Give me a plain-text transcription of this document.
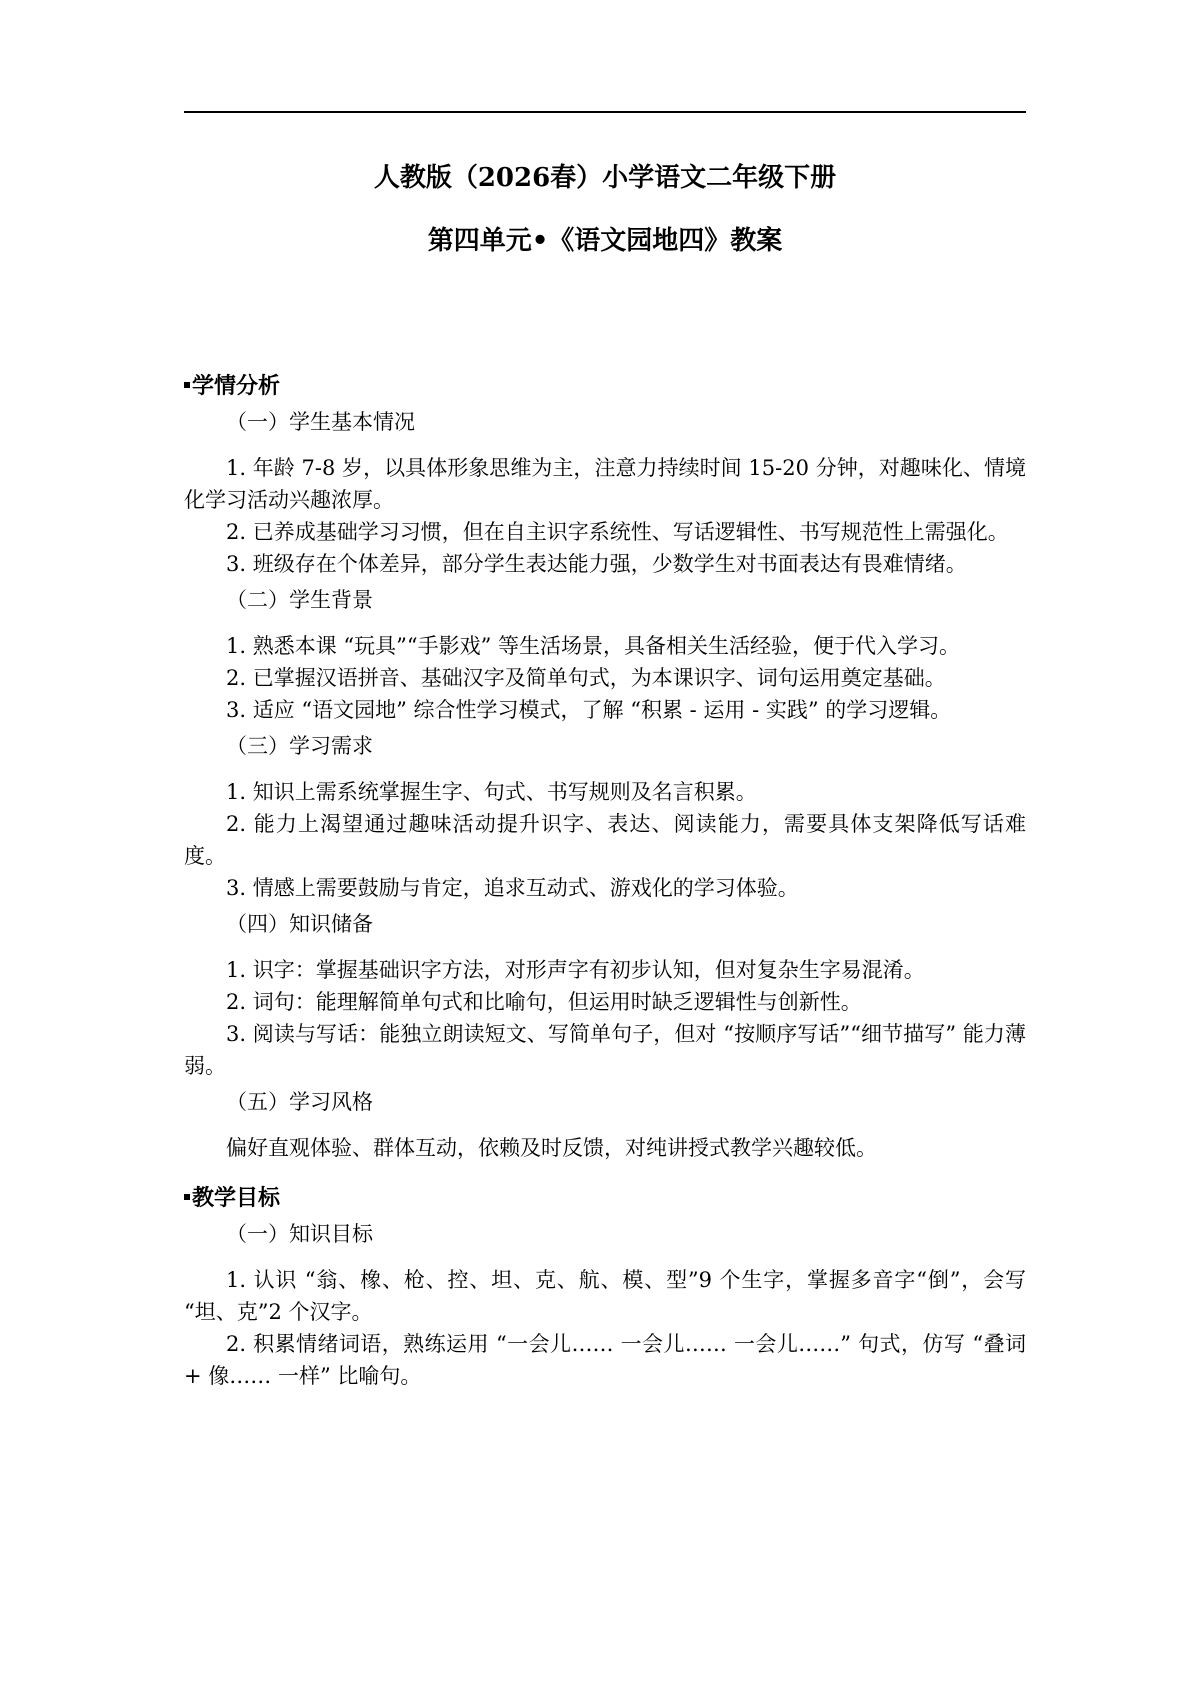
人教版（2026春）小学语文二年级下册
第四单元•《语文园地四》教案

学情分析

（一）学生基本情况

1. 年龄 7-8 岁，以具体形象思维为主，注意力持续时间 15-20 分钟，对趣味化、情境化学习活动兴趣浓厚。

2. 已养成基础学习习惯，但在自主识字系统性、写话逻辑性、书写规范性上需强化。

3. 班级存在个体差异，部分学生表达能力强，少数学生对书面表达有畏难情绪。

（二）学生背景

1. 熟悉本课 “玩具”“手影戏” 等生活场景，具备相关生活经验，便于代入学习。

2. 已掌握汉语拼音、基础汉字及简单句式，为本课识字、词句运用奠定基础。

3. 适应 “语文园地” 综合性学习模式，了解 “积累 - 运用 - 实践” 的学习逻辑。

（三）学习需求

1. 知识上需系统掌握生字、句式、书写规则及名言积累。

2. 能力上渴望通过趣味活动提升识字、表达、阅读能力，需要具体支架降低写话难度。

3. 情感上需要鼓励与肯定，追求互动式、游戏化的学习体验。

（四）知识储备

1. 识字：掌握基础识字方法，对形声字有初步认知，但对复杂生字易混淆。

2. 词句：能理解简单句式和比喻句，但运用时缺乏逻辑性与创新性。

3. 阅读与写话：能独立朗读短文、写简单句子，但对 “按顺序写话”“细节描写” 能力薄弱。

（五）学习风格

偏好直观体验、群体互动，依赖及时反馈，对纯讲授式教学兴趣较低。

教学目标

（一）知识目标

1. 认识 “翁、橡、枪、控、坦、克、航、模、型”9 个生字，掌握多音字“倒”，会写 “坦、克”2 个汉字。

2. 积累情绪词语，熟练运用 “一会儿…… 一会儿…… 一会儿……” 句式，仿写 “叠词 + 像…… 一样” 比喻句。
